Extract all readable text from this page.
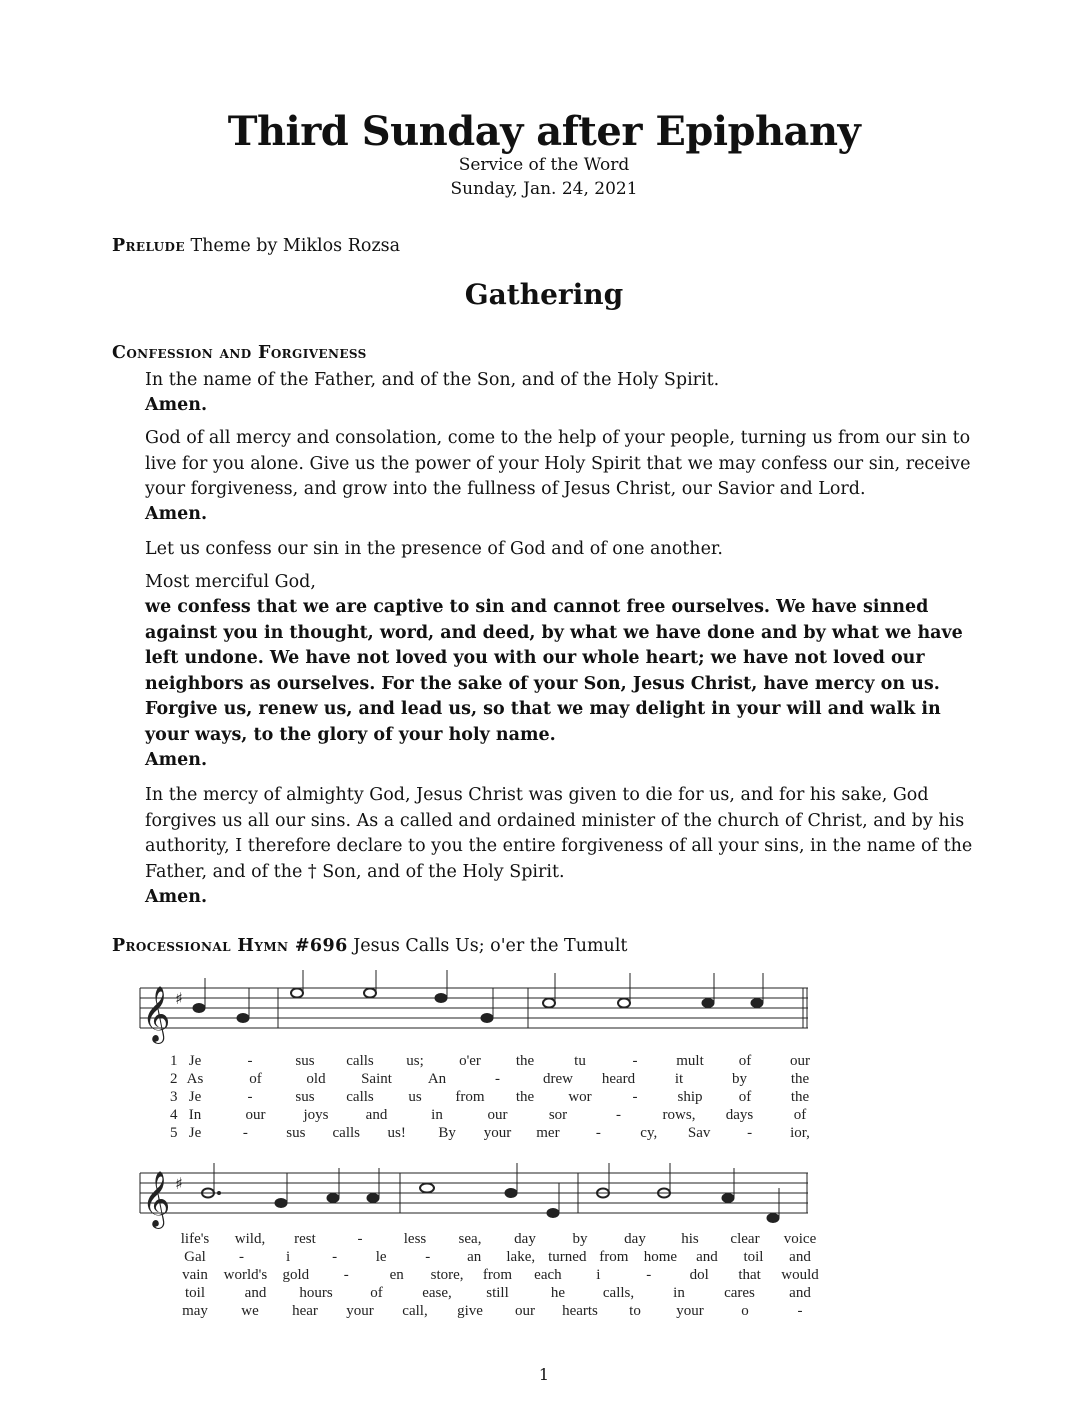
Third Sunday after Epiphany
Service of the Word
Sunday, Jan. 24, 2021
Prelude Theme by Miklos Rozsa
Gathering
Confession and Forgiveness
In the name of the Father, and of the Son, and of the Holy Spirit.
Amen.
God of all mercy and consolation, come to the help of your people, turning us from our sin to live for you alone. Give us the power of your Holy Spirit that we may confess our sin, receive your forgiveness, and grow into the fullness of Jesus Christ, our Savior and Lord.
Amen.
Let us confess our sin in the presence of God and of one another.
Most merciful God,
we confess that we are captive to sin and cannot free ourselves. We have sinned against you in thought, word, and deed, by what we have done and by what we have left undone. We have not loved you with our whole heart; we have not loved our neighbors as ourselves. For the sake of your Son, Jesus Christ, have mercy on us. Forgive us, renew us, and lead us, so that we may delight in your will and walk in your ways, to the glory of your holy name.
Amen.
In the mercy of almighty God, Jesus Christ was given to die for us, and for his sake, God forgives us all our sins. As a called and ordained minister of the church of Christ, and by his authority, I therefore declare to you the entire forgiveness of all your sins, in the name of the Father, and of the † Son, and of the Holy Spirit.
Amen.
Processional Hymn #696 Jesus Calls Us; o'er the Tumult
𝄞 ♯
𝄞 ♯
1
2
3
4
5
Je	-	sus calls us; o'er the	tu	-	mult of	our
As	of	old Saint An	-	drew heard	it	by	the
Je	-	sus calls us from the wor	-	ship of	the
In	our	joys and	in	our	sor	-	rows, days	of
Je	-	sus calls us! By your mer -	cy, Sav -	ior,
life's wild, rest	-	less sea, day by day his clear voice
Gal -	i	-	le	- an lake, turned from home and toil and
vain world's gold -	en store, from each i	-	dol that would
toil	and hours	of	ease, still	he	calls,	in	cares and
may we hear your call, give our hearts to your	o	-
1
